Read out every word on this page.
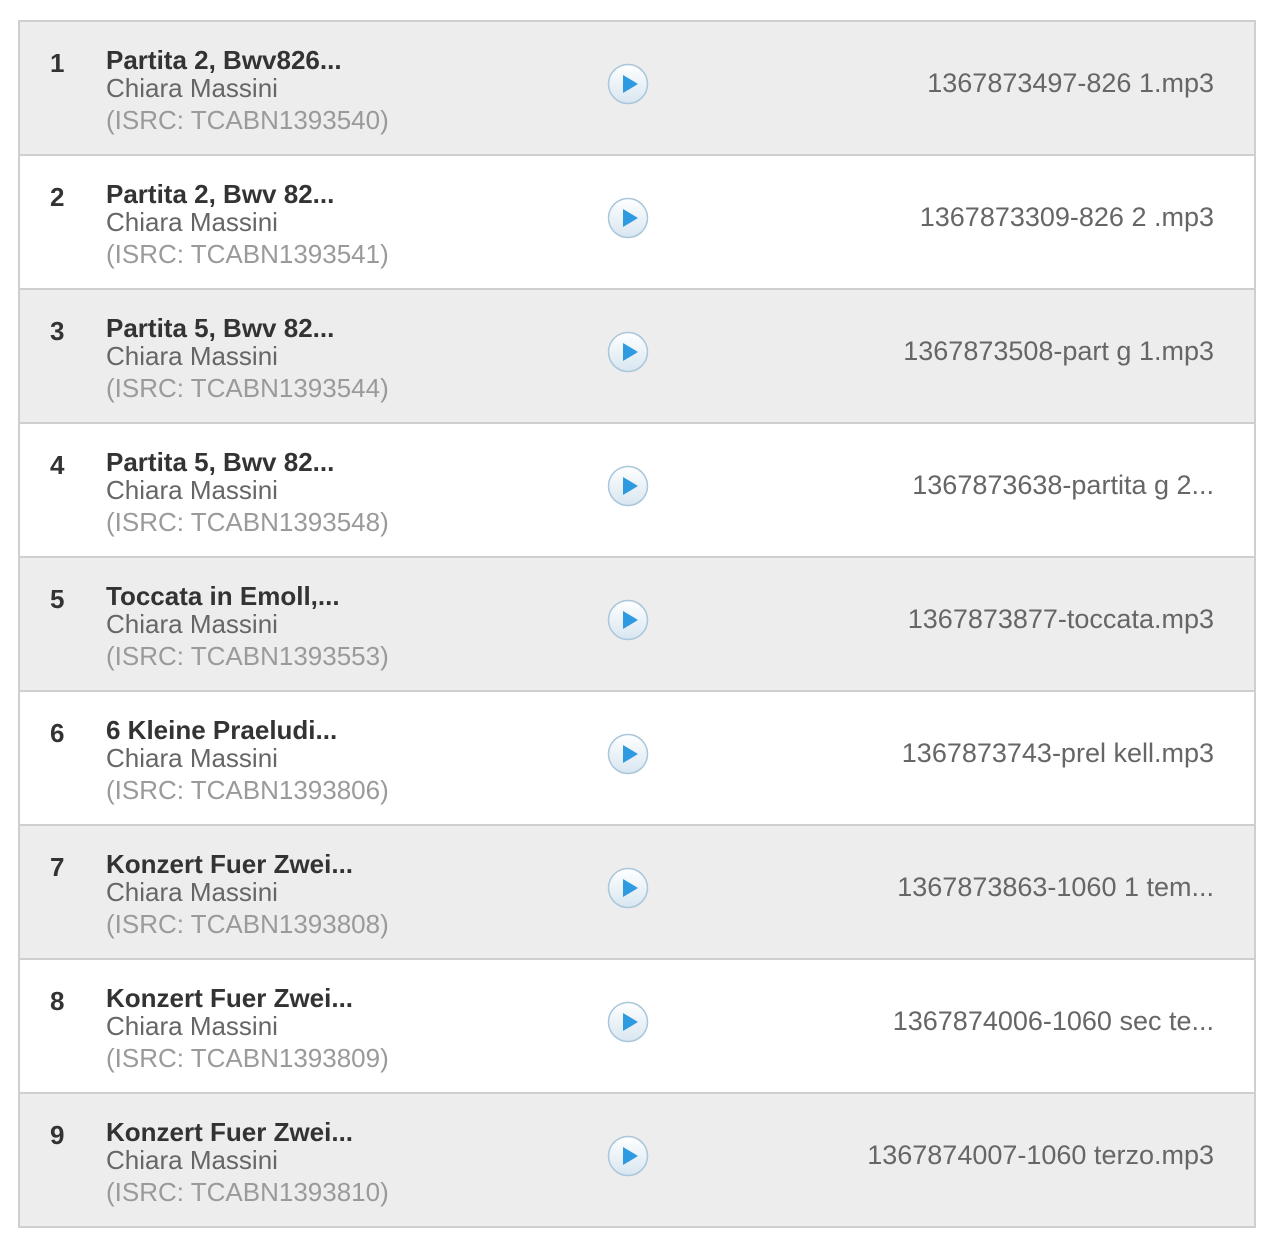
1 Partita 2, Bwv826...
Chiara Massini
(ISRC: TCABN1393540)
1367873497-826 1.mp3
2 Partita 2, Bwv 82...
Chiara Massini
(ISRC: TCABN1393541)
1367873309-826 2 .mp3
3 Partita 5, Bwv 82...
Chiara Massini
(ISRC: TCABN1393544)
1367873508-part g 1.mp3
4 Partita 5, Bwv 82...
Chiara Massini
(ISRC: TCABN1393548)
1367873638-partita g 2...
5 Toccata in Emoll,...
Chiara Massini
(ISRC: TCABN1393553)
1367873877-toccata.mp3
6 6 Kleine Praeludi...
Chiara Massini
(ISRC: TCABN1393806)
1367873743-prel kell.mp3
7 Konzert Fuer Zwei...
Chiara Massini
(ISRC: TCABN1393808)
1367873863-1060 1 tem...
8 Konzert Fuer Zwei...
Chiara Massini
(ISRC: TCABN1393809)
1367874006-1060 sec te...
9 Konzert Fuer Zwei...
Chiara Massini
(ISRC: TCABN1393810)
1367874007-1060 terzo.mp3
